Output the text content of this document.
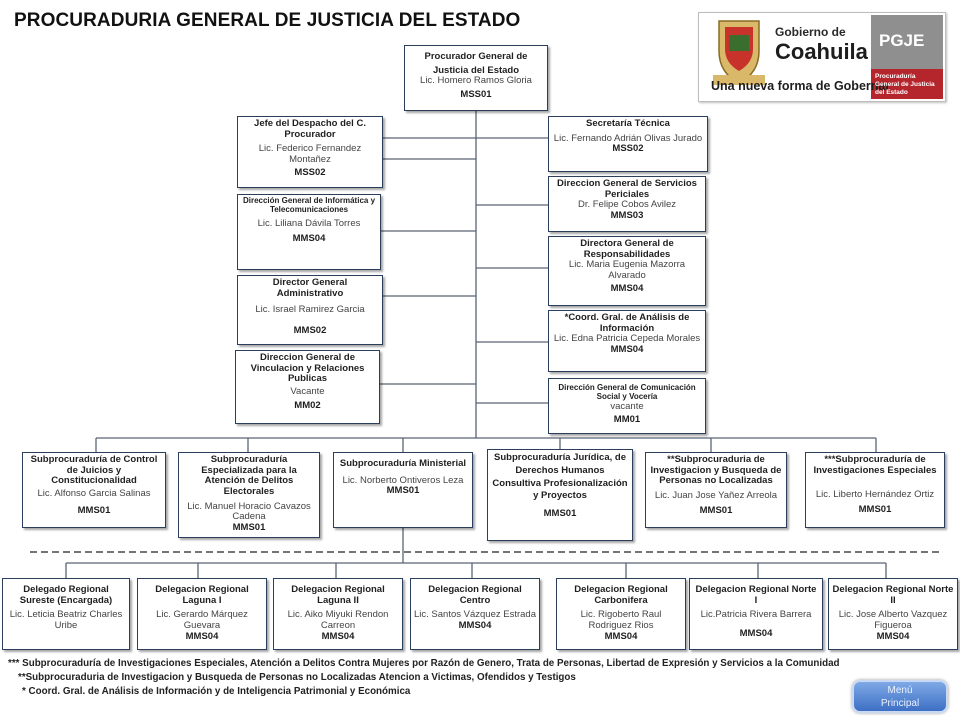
PROCURADURIA GENERAL DE JUSTICIA DEL ESTADO
Gobierno de
Coahuila
Una nueva forma de Gobernar
PGJE
Procuraduría General de Justicia del Estado
Procurador General de
Justicia del Estado
Lic. Homero Ramos Gloria
MSS01
Jefe del Despacho del C. Procurador
Lic. Federico Fernandez Montañez
MSS02
Dirección General de Informática y Telecomunicaciones
Lic. Liliana Dávila Torres
MMS04
Director General Administrativo
Lic. Israel Ramirez Garcia
MMS02
Direccion General de Vinculacion y Relaciones Publicas
Vacante
MM02
Secretaría Técnica
Lic. Fernando Adrián Olivas Jurado
MSS02
Direccion General de Servicios Periciales
Dr. Felipe Cobos Avilez
MMS03
Directora General de Responsabilidades
Lic. Maria Eugenia Mazorra Alvarado
MMS04
*Coord. Gral. de Análisis de Información
Lic. Edna Patricia Cepeda Morales
MMS04
Dirección General de Comunicación Social y Vocería
vacante
MM01
Subprocuraduría de Control de Juicios y Constitucionalidad
Lic. Alfonso Garcia Salinas
MMS01
Subprocuraduría Especializada para la Atención de Delitos Electorales
Lic. Manuel Horacio Cavazos Cadena
MMS01
Subprocuraduría Ministerial
Lic. Norberto Ontiveros Leza
MMS01
Subprocuraduría Jurídica, de Derechos Humanos Consultiva Profesionalización y Proyectos
MMS01
**Subprocuraduria de Investigacion y Busqueda de Personas no Localizadas
Lic. Juan Jose Yañez Arreola
MMS01
***Subprocuraduría de Investigaciones Especiales
Lic. Liberto Hernández Ortiz
MMS01
Delegado Regional Sureste (Encargada)
Lic. Leticia Beatriz Charles Uribe
Delegacion Regional Laguna I
Lic. Gerardo Márquez Guevara
MMS04
Delegacion Regional Laguna II
Lic. Aiko Miyuki Rendon Carreon
MMS04
Delegacion Regional Centro
Lic. Santos Vázquez Estrada
MMS04
Delegacion Regional Carbonifera
Lic. Rigoberto Raul Rodriguez Rios
MMS04
Delegacion Regional Norte I
Lic.Patricia Rivera Barrera
MMS04
Delegacion Regional Norte II
Lic. Jose Alberto Vazquez Figueroa
MMS04
*** Subprocuraduría de Investigaciones Especiales, Atención a Delitos Contra Mujeres por Razón de Genero, Trata de Personas, Libertad de Expresión y Servicios a la Comunidad
**Subprocuraduria de Investigacion y Busqueda de Personas no Localizadas Atencion a Victimas, Ofendidos y Testigos
* Coord. Gral. de Análisis de Información y de Inteligencia Patrimonial y Económica	Menú Principal
